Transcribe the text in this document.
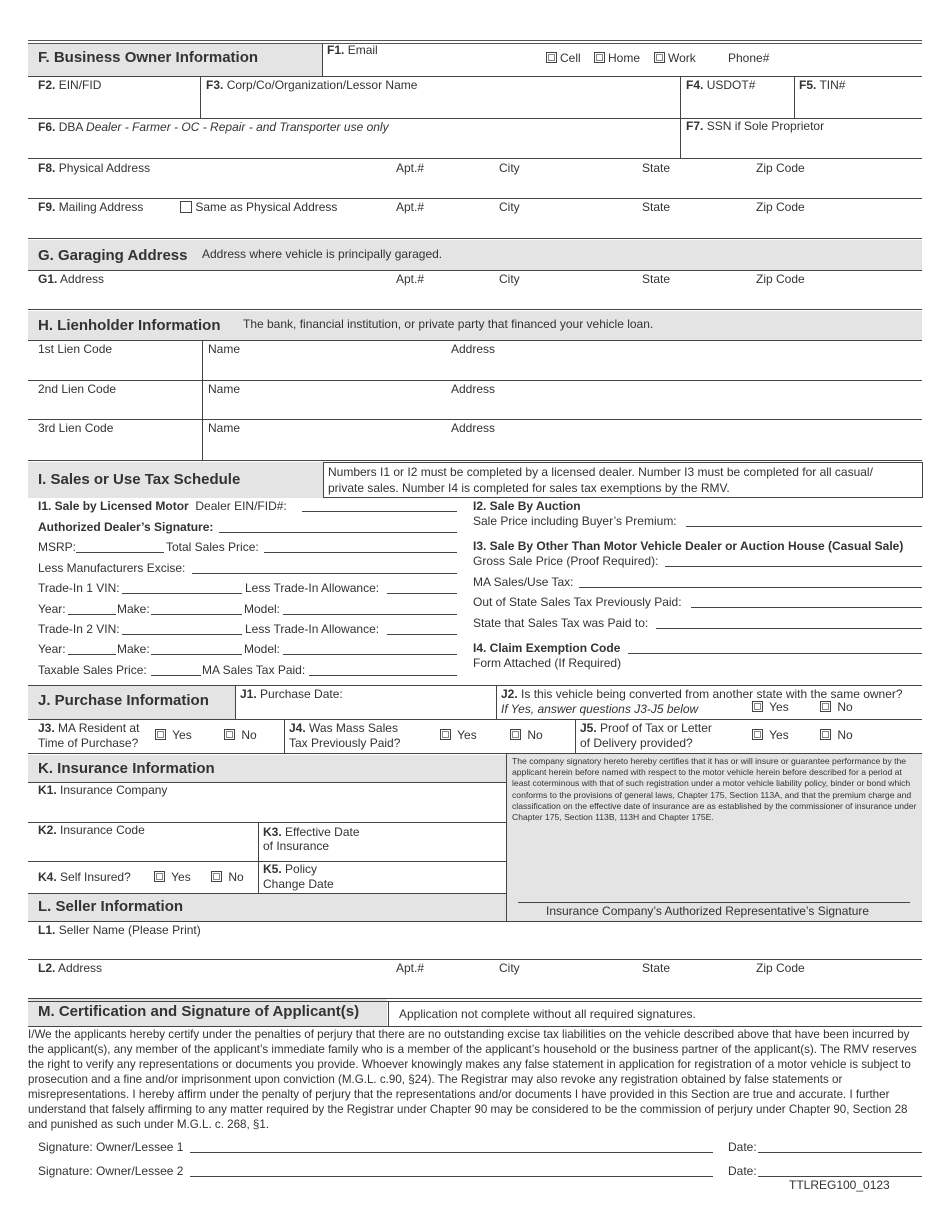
F. Business Owner Information	F1. Email
Cell	Home	Work	Phone#
F2. EIN/FID	F3. Corp/Co/Organization/Lessor Name	F4. USDOT#	F5. TIN#
F6. DBA Dealer - Farmer - OC - Repair - and Transporter use only	F7. SSN if Sole Proprietor
F8. Physical Address	Apt.#	City	State	Zip Code
F9. Mailing Address	Same as Physical Address	Apt.#	City	State	Zip Code
G. Garaging Address Address where vehicle is principally garaged.
G1. Address	Apt.#	City	State	Zip Code
H. Lienholder Information The bank, financial institution, or private party that financed your vehicle loan.
1st Lien Code	Name	Address
2nd Lien Code	Name	Address
3rd Lien Code	Name	Address
I. Sales or Use Tax Schedule	Numbers I1 or I2 must be completed by a licensed dealer. Number I3 must be completed for all casual/ private sales. Number I4 is completed for sales tax exemptions by the RMV.
I1. Sale by Licensed Motor Dealer EIN/FID#:
Authorized Dealer’s Signature:
MSRP:	Total Sales Price:
Less Manufacturers Excise:
Trade-In 1 VIN:	Less Trade-In Allowance:
Year:	Make:	Model:
Trade-In 2 VIN:	Less Trade-In Allowance:
Year:	Make:	Model:
Taxable Sales Price:	MA Sales Tax Paid:
I2. Sale By Auction
Sale Price including Buyer’s Premium:
I3. Sale By Other Than Motor Vehicle Dealer or Auction House (Casual Sale)
Gross Sale Price (Proof Required):
MA Sales/Use Tax:
Out of State Sales Tax Previously Paid:
State that Sales Tax was Paid to:
I4. Claim Exemption Code
Form Attached (If Required)
J. Purchase Information	J1. Purchase Date:	J2. Is this vehicle being converted from another state with the same owner?
If Yes, answer questions J3-J5 below	Yes	No
J3. MA Resident at
Time of Purchase?
Yes	No	J4. Was Mass Sales
Tax Previously Paid?
Yes	No	J5. Proof of Tax or Letter
of Delivery provided?
Yes	No
K. Insurance Information	The company signatory hereto hereby certifies that it has or will insure or guarantee performance by the applicant herein before named with respect to the motor vehicle herein before described for a period at least coterminous with that of such registration under a motor vehicle liability policy, binder or bond which conforms to the provisions of general laws, Chapter 175, Section 113A, and that the premium charge and classification on the effective date of insurance are as established by the commissioner of insurance under Chapter 175, Section 113B, 113H and Chapter 175E.
Insurance Company’s Authorized Representative’s Signature
K1. Insurance Company
K2. Insurance Code	K3. Effective Date
of Insurance
K4. Self Insured?	Yes	No
K5. Policy
Change Date
L. Seller Information
L1. Seller Name (Please Print)
L2. Address	Apt.#	City	State	Zip Code
M. Certification and Signature of Applicant(s)	Application not complete without all required signatures.
I/We the applicants hereby certify under the penalties of perjury that there are no outstanding excise tax liabilities on the vehicle described above that have been incurred by the applicant(s), any member of the applicant’s immediate family who is a member of the applicant’s household or the business partner of the applicant(s). The RMV reserves the right to verify any representations or documents you provide. Whoever knowingly makes any false statement in application for registration of a motor vehicle is subject to prosecution and a fine and/or imprisonment upon conviction (M.G.L. c.90, §24). The Registrar may also revoke any registration obtained by false statements or misrepresentations. I hereby affirm under the penalty of perjury that the representations and/or documents I have provided in this Section are true and accurate. I further understand that falsely affirming to any matter required by the Registrar under Chapter 90 may be considered to be the commission of perjury under Chapter 90, Section 28 and punished as such under M.G.L. c. 268, §1.
Signature: Owner/Lessee 1	Date:
Signature: Owner/Lessee 2	Date:
TTLREG100_0123
